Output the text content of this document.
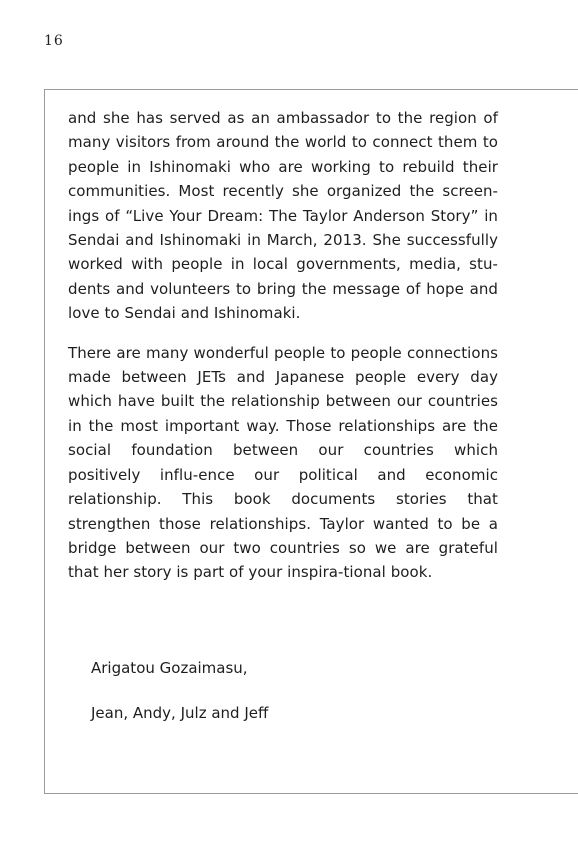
16

and she has served as an ambassador to the region of many visitors from around the world to connect them to people in Ishinomaki who are working to rebuild their communities. Most recently she organized the screen-ings of “Live Your Dream: The Taylor Anderson Story” in Sendai and Ishinomaki in March, 2013. She successfully worked with people in local governments, media, stu-dents and volunteers to bring the message of hope and love to Sendai and Ishinomaki.

There are many wonderful people to people connections made between JETs and Japanese people every day which have built the relationship between our countries in the most important way. Those relationships are the social foundation between our countries which positively influ-ence our political and economic relationship. This book documents stories that strengthen those relationships. Taylor wanted to be a bridge between our two countries so we are grateful that her story is part of your inspira-tional book.

Arigatou Gozaimasu,
Jean, Andy, Julz and Jeff
